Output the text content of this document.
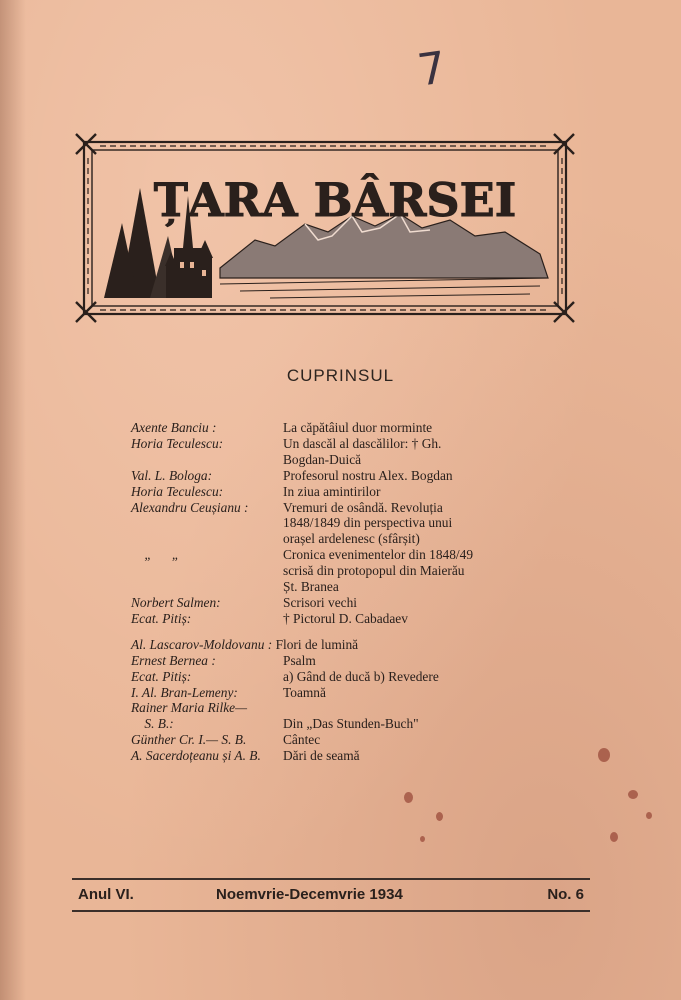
7
ȚARA BÂRSEI
CUPRINSUL
Axente Banciu :	La căpătâiul duor morminte
Horia Teculescu:	Un dascăl al dascălilor: † Gh.
Bogdan-Duică
Val. L. Bologa:	Profesorul nostru Alex. Bogdan
Horia Teculescu:	In ziua amintirilor
Alexandru Ceușianu :	Vremuri de osândă. Revoluția
1848/1849 din perspectiva unui
orașel ardelenesc (sfârșit)
„      „	Cronica evenimentelor din 1848/49
scrisă din protopopul din Maierău
Șt. Branea
Norbert Salmen:	Scrisori vechi
Ecat. Pitiș:	† Pictorul D. Cabadaev
Al. Lascarov-Moldovanu : Flori de lumină
Ernest Bernea :	Psalm
Ecat. Pitiș:	a) Gând de ducă b) Revedere
I. Al. Bran-Lemeny:	Toamnă
Rainer Maria Rilke—
S. B.:	Din „Das Stunden-Buch"
Günther Cr. I.— S. B.	Cântec
A. Sacerdoțeanu și A. B.	Dări de seamă
Anul VI.	Noemvrie-Decemvrie 1934	No. 6
